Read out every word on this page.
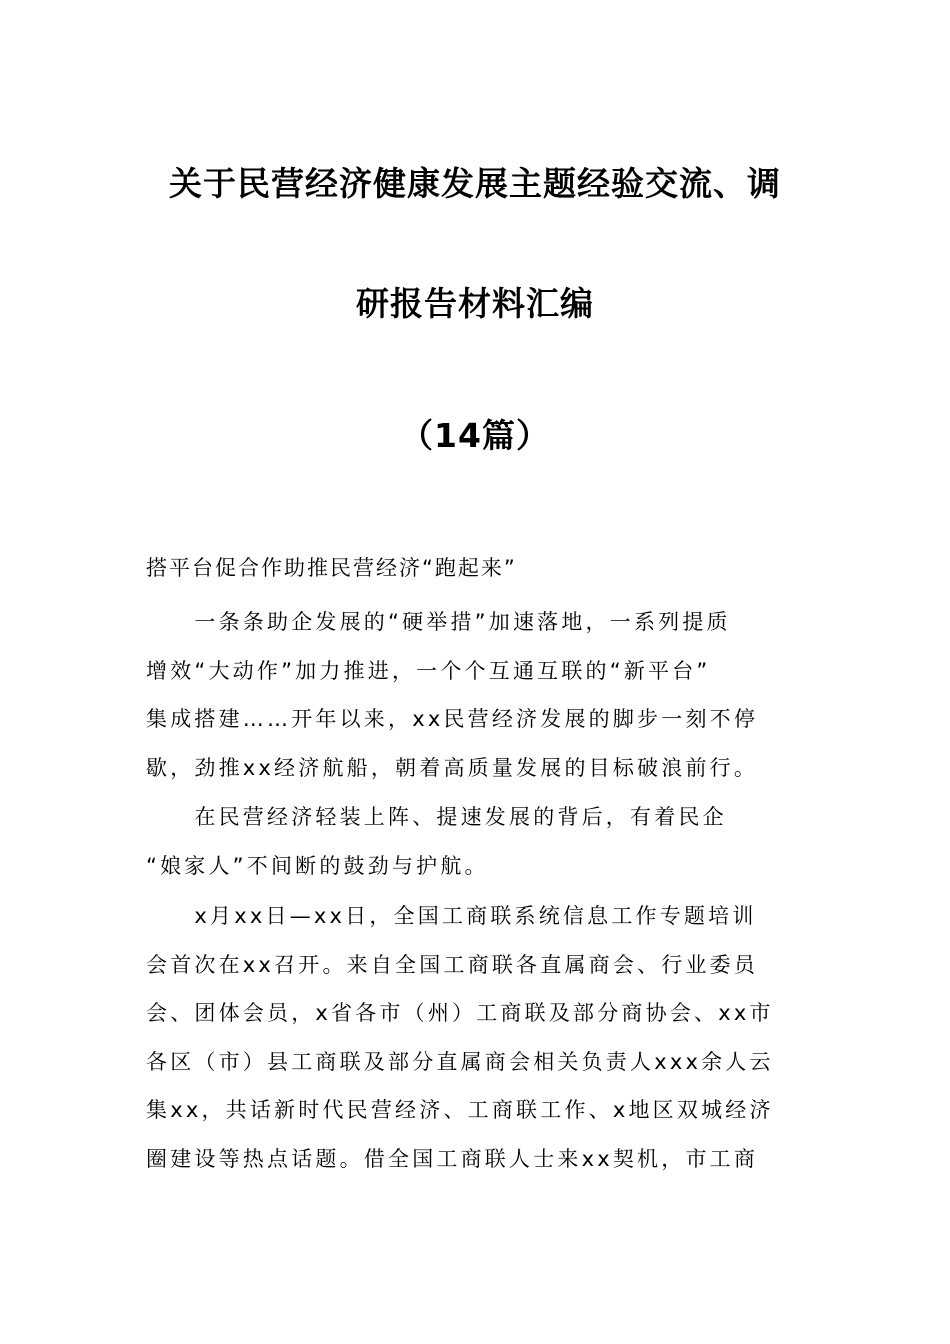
关于民营经济健康发展主题经验交流、调
研报告材料汇编
（14篇）

搭平台促合作助推民营经济“跑起来”

　　一条条助企发展的“硬举措”加速落地，一系列提质
增效“大动作”加力推进，一个个互通互联的“新平台”
集成搭建……开年以来，xx民营经济发展的脚步一刻不停
歇，劲推xx经济航船，朝着高质量发展的目标破浪前行。

　　在民营经济轻装上阵、提速发展的背后，有着民企
“娘家人”不间断的鼓劲与护航。

　　x月xx日—xx日，全国工商联系统信息工作专题培训
会首次在xx召开。来自全国工商联各直属商会、行业委员
会、团体会员，x省各市（州）工商联及部分商协会、xx市
各区（市）县工商联及部分直属商会相关负责人xxx余人云
集xx，共话新时代民营经济、工商联工作、x地区双城经济
圈建设等热点话题。借全国工商联人士来xx契机，市工商
